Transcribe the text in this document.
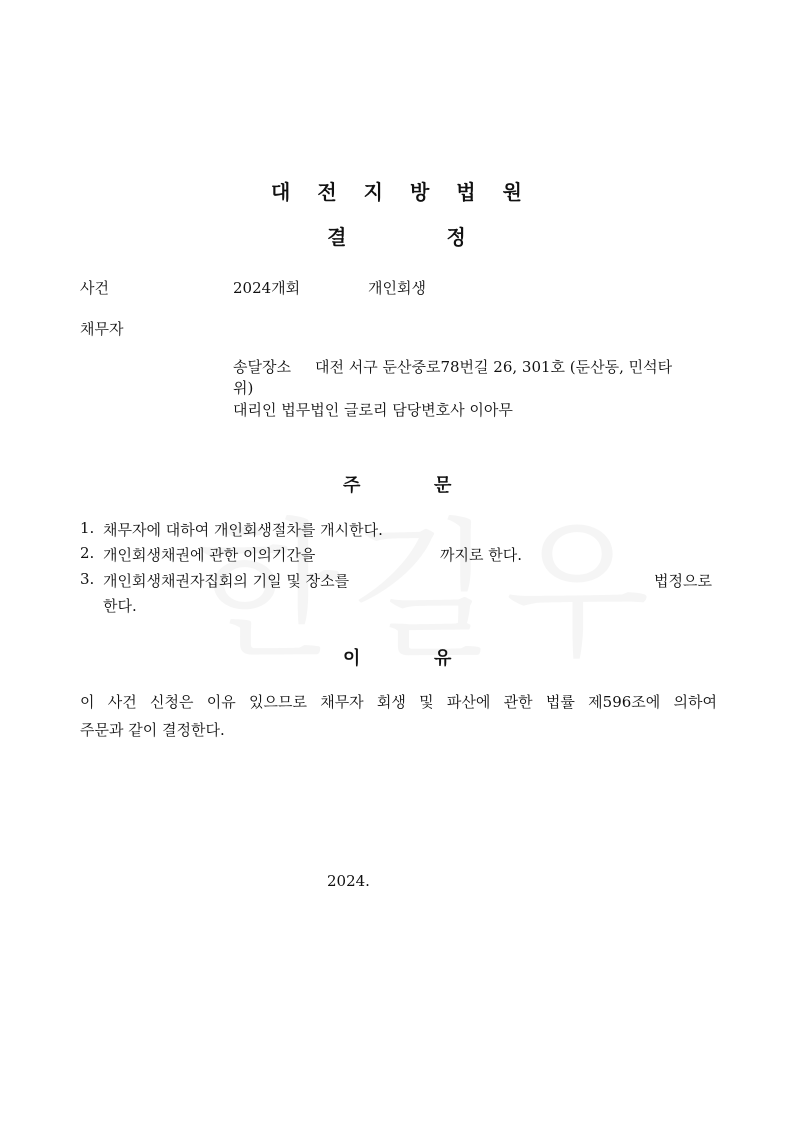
대전지방법원
결	정
사건	2024개회	개인회생
채무자
송달장소 대전 서구 둔산중로78번길 26, 301호 (둔산동, 민석타
위)
대리인 법무법인 글로리 담당변호사 이아무
주	문
1. 채무자에 대하여 개인회생절차를 개시한다.
2. 개인회생채권에 관한 이의기간을	까지로 한다.
3. 개인회생채권자집회의 기일 및 장소를	법정으로
한다.
이	유
이 사건 신청은 이유 있으므로 채무자 회생 및 파산에 관한 법률 제596조에 의하여
주문과 같이 결정한다.
2024.
